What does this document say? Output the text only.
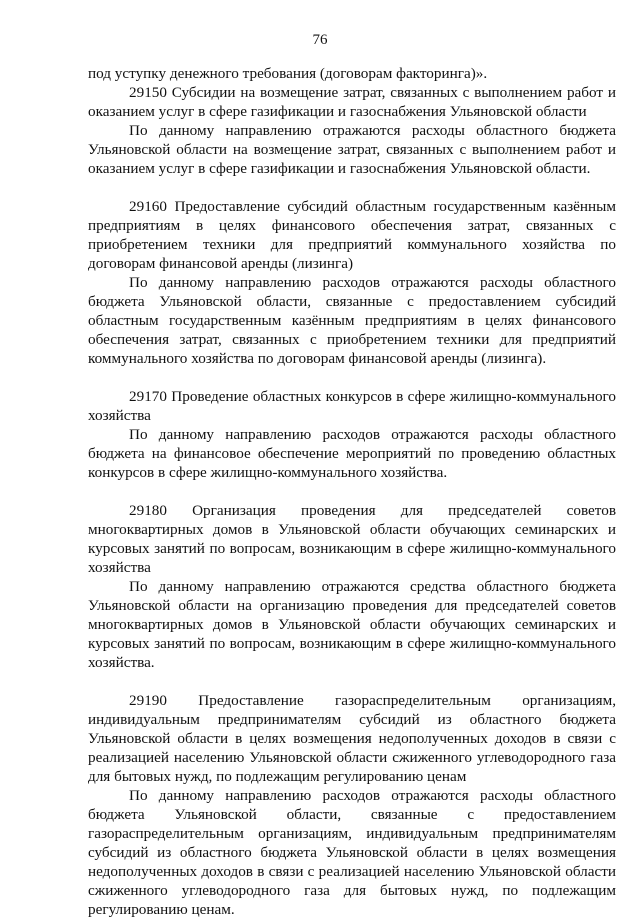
76

под уступку денежного требования (договорам факторинга)».

29150 Субсидии на возмещение затрат, связанных с выполнением работ и оказанием услуг в сфере газификации и газоснабжения Ульяновской области

По данному направлению отражаются расходы областного бюджета Ульяновской области на возмещение затрат, связанных с выполнением работ и оказанием услуг в сфере газификации и газоснабжения Ульяновской области.

29160 Предоставление субсидий областным государственным казённым предприятиям в целях финансового обеспечения затрат, связанных с приобретением техники для предприятий коммунального хозяйства по договорам финансовой аренды (лизинга)

По данному направлению расходов отражаются расходы областного бюджета Ульяновской области, связанные с предоставлением субсидий областным государственным казённым предприятиям в целях финансового обеспечения затрат, связанных с приобретением техники для предприятий коммунального хозяйства по договорам финансовой аренды (лизинга).

29170 Проведение областных конкурсов в сфере жилищно-коммунального хозяйства

По данному направлению расходов отражаются расходы областного бюджета на финансовое обеспечение мероприятий по проведению областных конкурсов в сфере жилищно-коммунального хозяйства.

29180 Организация проведения для председателей советов многоквартирных домов в Ульяновской области обучающих семинарских и курсовых занятий по вопросам, возникающим в сфере жилищно-коммунального хозяйства

По данному направлению отражаются средства областного бюджета Ульяновской области на организацию проведения для председателей советов многоквартирных домов в Ульяновской области обучающих семинарских и курсовых занятий по вопросам, возникающим в сфере жилищно-коммунального хозяйства.

29190 Предоставление газораспределительным организациям, индивидуальным предпринимателям субсидий из областного бюджета Ульяновской области в целях возмещения недополученных доходов в связи с реализацией населению Ульяновской области сжиженного углеводородного газа для бытовых нужд, по подлежащим регулированию ценам

По данному направлению расходов отражаются расходы областного бюджета Ульяновской области, связанные с предоставлением газораспределительным организациям, индивидуальным предпринимателям субсидий из областного бюджета Ульяновской области в целях возмещения недополученных доходов в связи с реализацией населению Ульяновской области сжиженного углеводородного газа для бытовых нужд, по подлежащим регулированию ценам.
